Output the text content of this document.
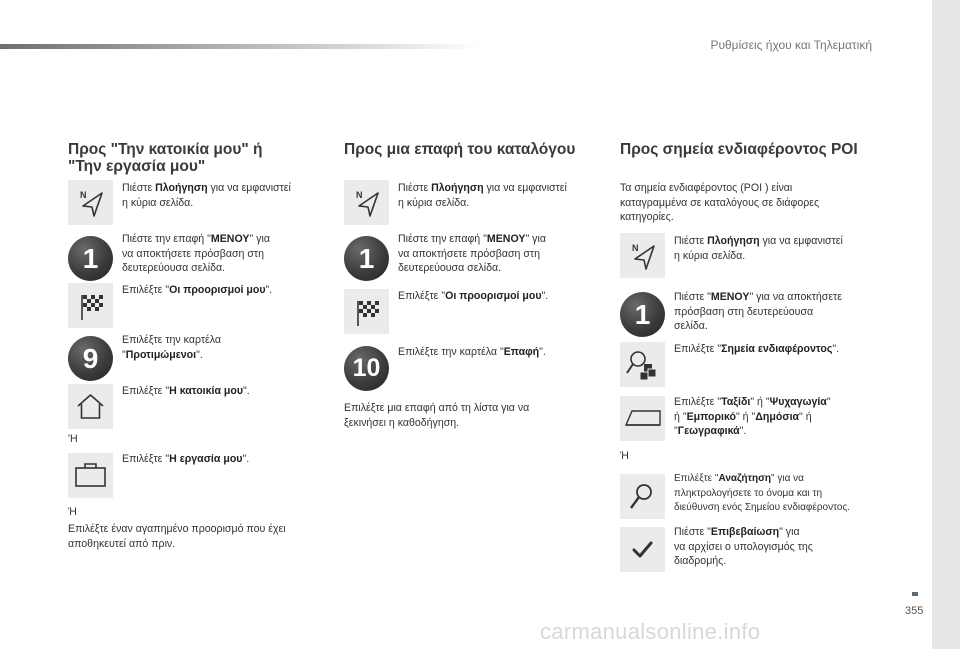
Ρυθμίσεις ήχου και Τηλεματική
Προς "Την κατοικία μου" ή
"Την εργασία μου"
N
Πιέστε Πλοήγηση για να εμφανιστεί
η κύρια σελίδα.
1
Πιέστε την επαφή "ΜΕΝΟΥ" για
να αποκτήσετε πρόσβαση στη
δευτερεύουσα σελίδα.
Επιλέξτε "Οι προορισμοί μου".
9
Επιλέξτε την καρτέλα
"Προτιμώμενοι".
Επιλέξτε "Η κατοικία μου".
'Η
Επιλέξτε "Η εργασία μου".
Ή
Επιλέξτε έναν αγαπημένο προορισμό που έχει
αποθηκευτεί από πριν.
Προς μια επαφή του καταλόγου
N
Πιέστε Πλοήγηση για να εμφανιστεί
η κύρια σελίδα.
1
Πιέστε την επαφή "ΜΕΝΟΥ" για
να αποκτήσετε πρόσβαση στη
δευτερεύουσα σελίδα.
Επιλέξτε "Οι προορισμοί μου".
10
Επιλέξτε την καρτέλα "Επαφή".
Επιλέξτε μια επαφή από τη λίστα για να
ξεκινήσει η καθοδήγηση.
Προς σημεία ενδιαφέροντος POI
Τα σημεία ενδιαφέροντος (POI ) είναι
καταγραμμένα σε καταλόγους σε διάφορες
κατηγορίες.
N
Πιέστε Πλοήγηση για να εμφανιστεί
η κύρια σελίδα.
1
Πιέστε "ΜΕΝΟΥ" για να αποκτήσετε
πρόσβαση στη δευτερεύουσα
σελίδα.
Επιλέξτε "Σημεία ενδιαφέροντος".
Επιλέξτε "Ταξίδι" ή "Ψυχαγωγία"
ή "Εμπορικό" ή "Δημόσια" ή
"Γεωγραφικά".
Ή
Επιλέξτε "Αναζήτηση" για να
πληκτρολογήσετε το όνομα και τη
διεύθυνση ενός Σημείου ενδιαφέροντος.
Πιέστε "Επιβεβαίωση" για
να αρχίσει ο υπολογισμός της
διαδρομής.
355
carmanualsonline.info
